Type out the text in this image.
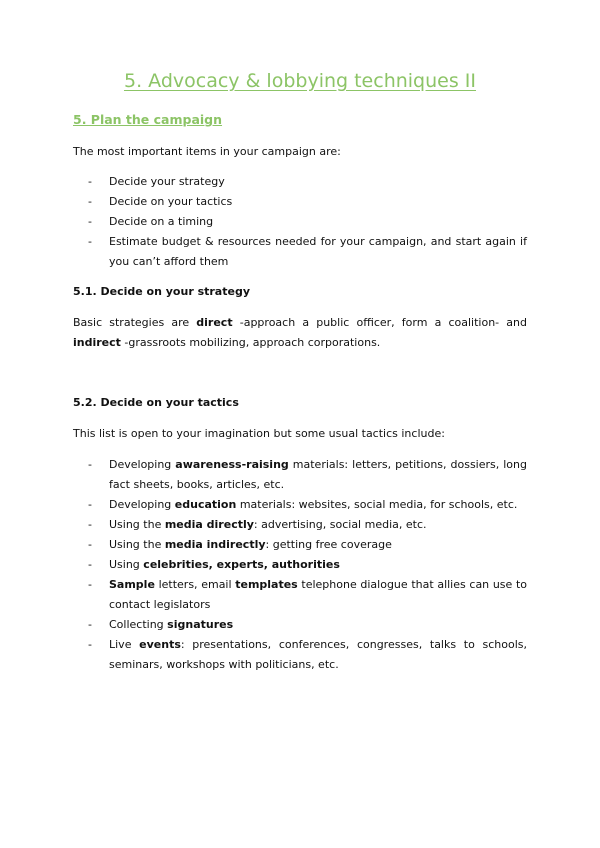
5. Advocacy & lobbying techniques II
5. Plan the campaign
The most important items in your campaign are:
- Decide your strategy
- Decide on your tactics
- Decide on a timing
- Estimate budget & resources needed for your campaign, and start again if you can’t afford them
5.1. Decide on your strategy
Basic strategies are direct -approach a public officer, form a coalition- and indirect -grassroots mobilizing, approach corporations.
5.2. Decide on your tactics
This list is open to your imagination but some usual tactics include:
- Developing awareness-raising materials: letters, petitions, dossiers, long fact sheets, books, articles, etc.
- Developing education materials: websites, social media, for schools, etc.
- Using the media directly: advertising, social media, etc.
- Using the media indirectly: getting free coverage
- Using celebrities, experts, authorities
- Sample letters, email templates telephone dialogue that allies can use to contact legislators
- Collecting signatures
- Live events: presentations, conferences, congresses, talks to schools, seminars, workshops with politicians, etc.
